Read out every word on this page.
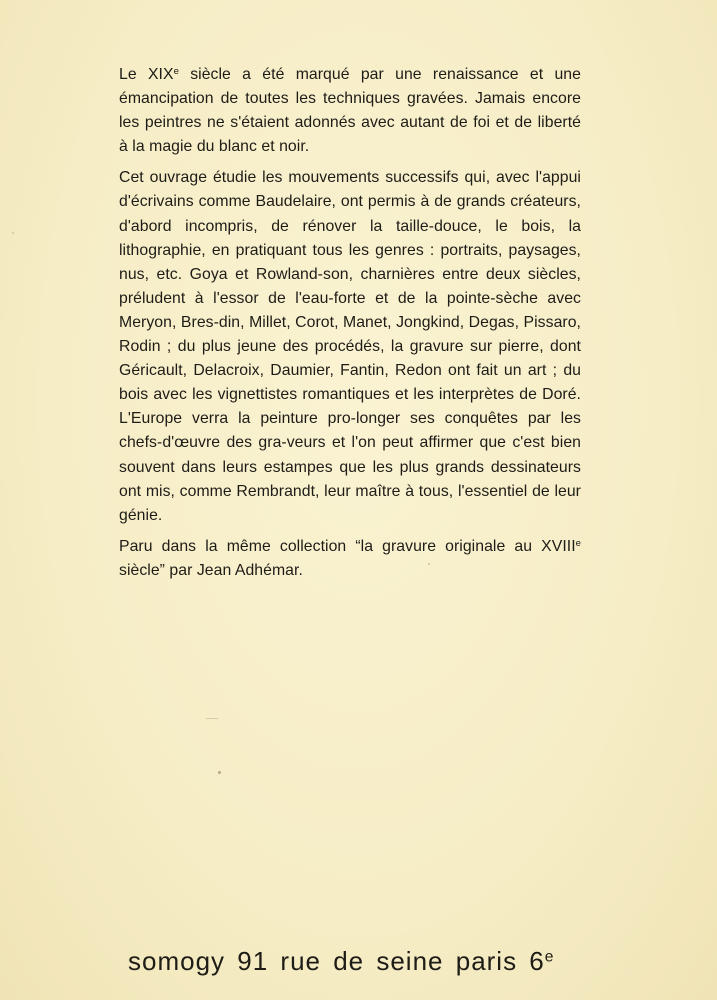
Le XIXe siècle a été marqué par une renaissance et une émancipation de toutes les techniques gravées. Jamais encore les peintres ne s'étaient adonnés avec autant de foi et de liberté à la magie du blanc et noir.

Cet ouvrage étudie les mouvements successifs qui, avec l'appui d'écrivains comme Baudelaire, ont permis à de grands créateurs, d'abord incompris, de rénover la taille-douce, le bois, la lithographie, en pratiquant tous les genres : portraits, paysages, nus, etc. Goya et Rowland-son, charnières entre deux siècles, préludent à l'essor de l'eau-forte et de la pointe-sèche avec Meryon, Bres-din, Millet, Corot, Manet, Jongkind, Degas, Pissaro, Rodin ; du plus jeune des procédés, la gravure sur pierre, dont Géricault, Delacroix, Daumier, Fantin, Redon ont fait un art ; du bois avec les vignettistes romantiques et les interprètes de Doré. L'Europe verra la peinture pro-longer ses conquêtes par les chefs-d'œuvre des gra-veurs et l'on peut affirmer que c'est bien souvent dans leurs estampes que les plus grands dessinateurs ont mis, comme Rembrandt, leur maître à tous, l'essentiel de leur génie.

Paru dans la même collection “la gravure originale au XVIIIe siècle” par Jean Adhémar.

somogy 91 rue de seine paris 6e
